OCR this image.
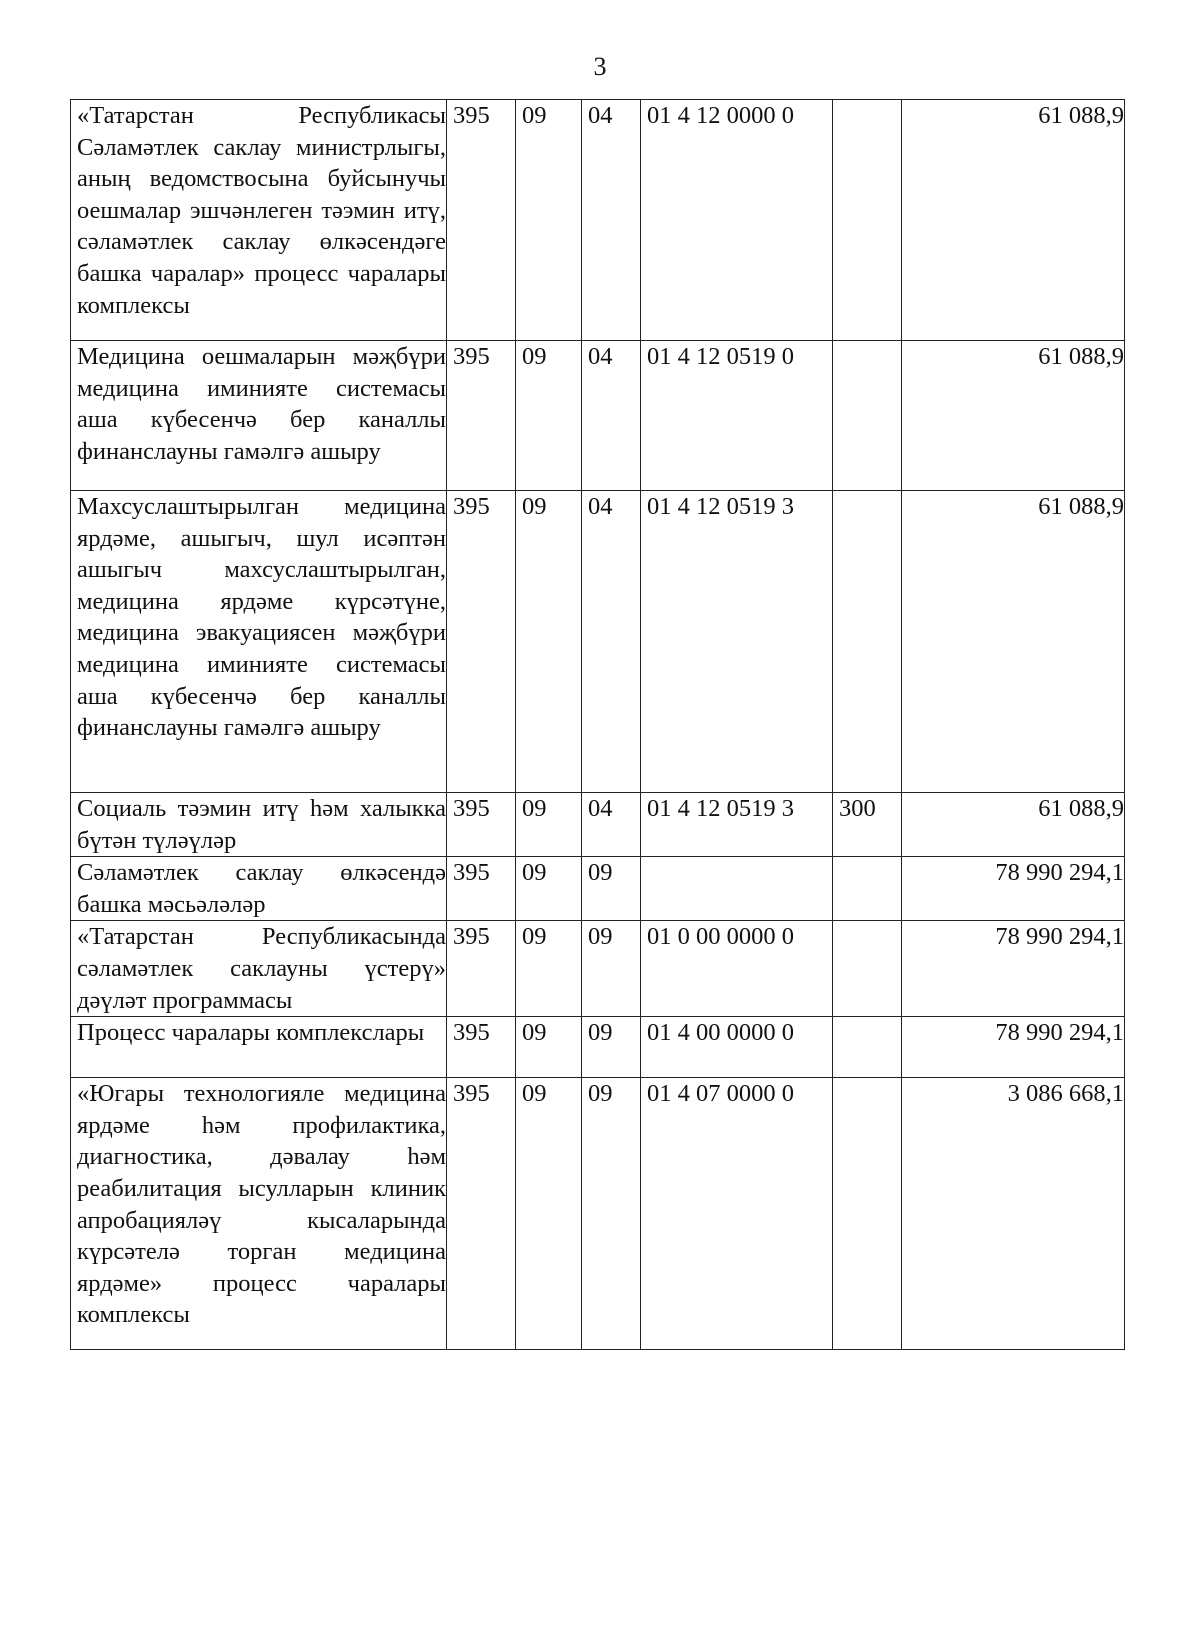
3
«Татарстан Республикасы Сәламәтлек саклау министрлыгы, аның ведомствосына буйсынучы оешмалар эшчәнлеген тәэмин итү, сәламәтлек саклау өлкәсендәге башка чаралар» процесс чаралары комплексы	395	09	04	01 4 12 0000 0		61 088,9
Медицина оешмаларын мәҗбүри медицина иминияте системасы аша күбесенчә бер каналлы финанслауны гамәлгә ашыру	395	09	04	01 4 12 0519 0		61 088,9
Махсуслаштырылган медицина ярдәме, ашыгыч, шул исәптән ашыгыч махсуслаштырылган, медицина ярдәме күрсәтүне, медицина эвакуациясен мәҗбүри медицина иминияте системасы аша күбесенчә бер каналлы финанслауны гамәлгә ашыру	395	09	04	01 4 12 0519 3		61 088,9
Социаль тәэмин итү һәм халыкка бүтән түләүләр	395	09	04	01 4 12 0519 3	300	61 088,9
Сәламәтлек саклау өлкәсендә башка мәсьәләләр	395	09	09			78 990 294,1
«Татарстан Республикасында сәламәтлек саклауны үстерү» дәүләт программасы	395	09	09	01 0 00 0000 0		78 990 294,1
Процесс чаралары комплекслары	395	09	09	01 4 00 0000 0		78 990 294,1
«Югары технологияле медицина ярдәме һәм профилактика, диагностика, дәвалау һәм реабилитация ысулларын клиник апробацияләү кысаларында күрсәтелә торган медицина ярдәме» процесс чаралары комплексы	395	09	09	01 4 07 0000 0		3 086 668,1
